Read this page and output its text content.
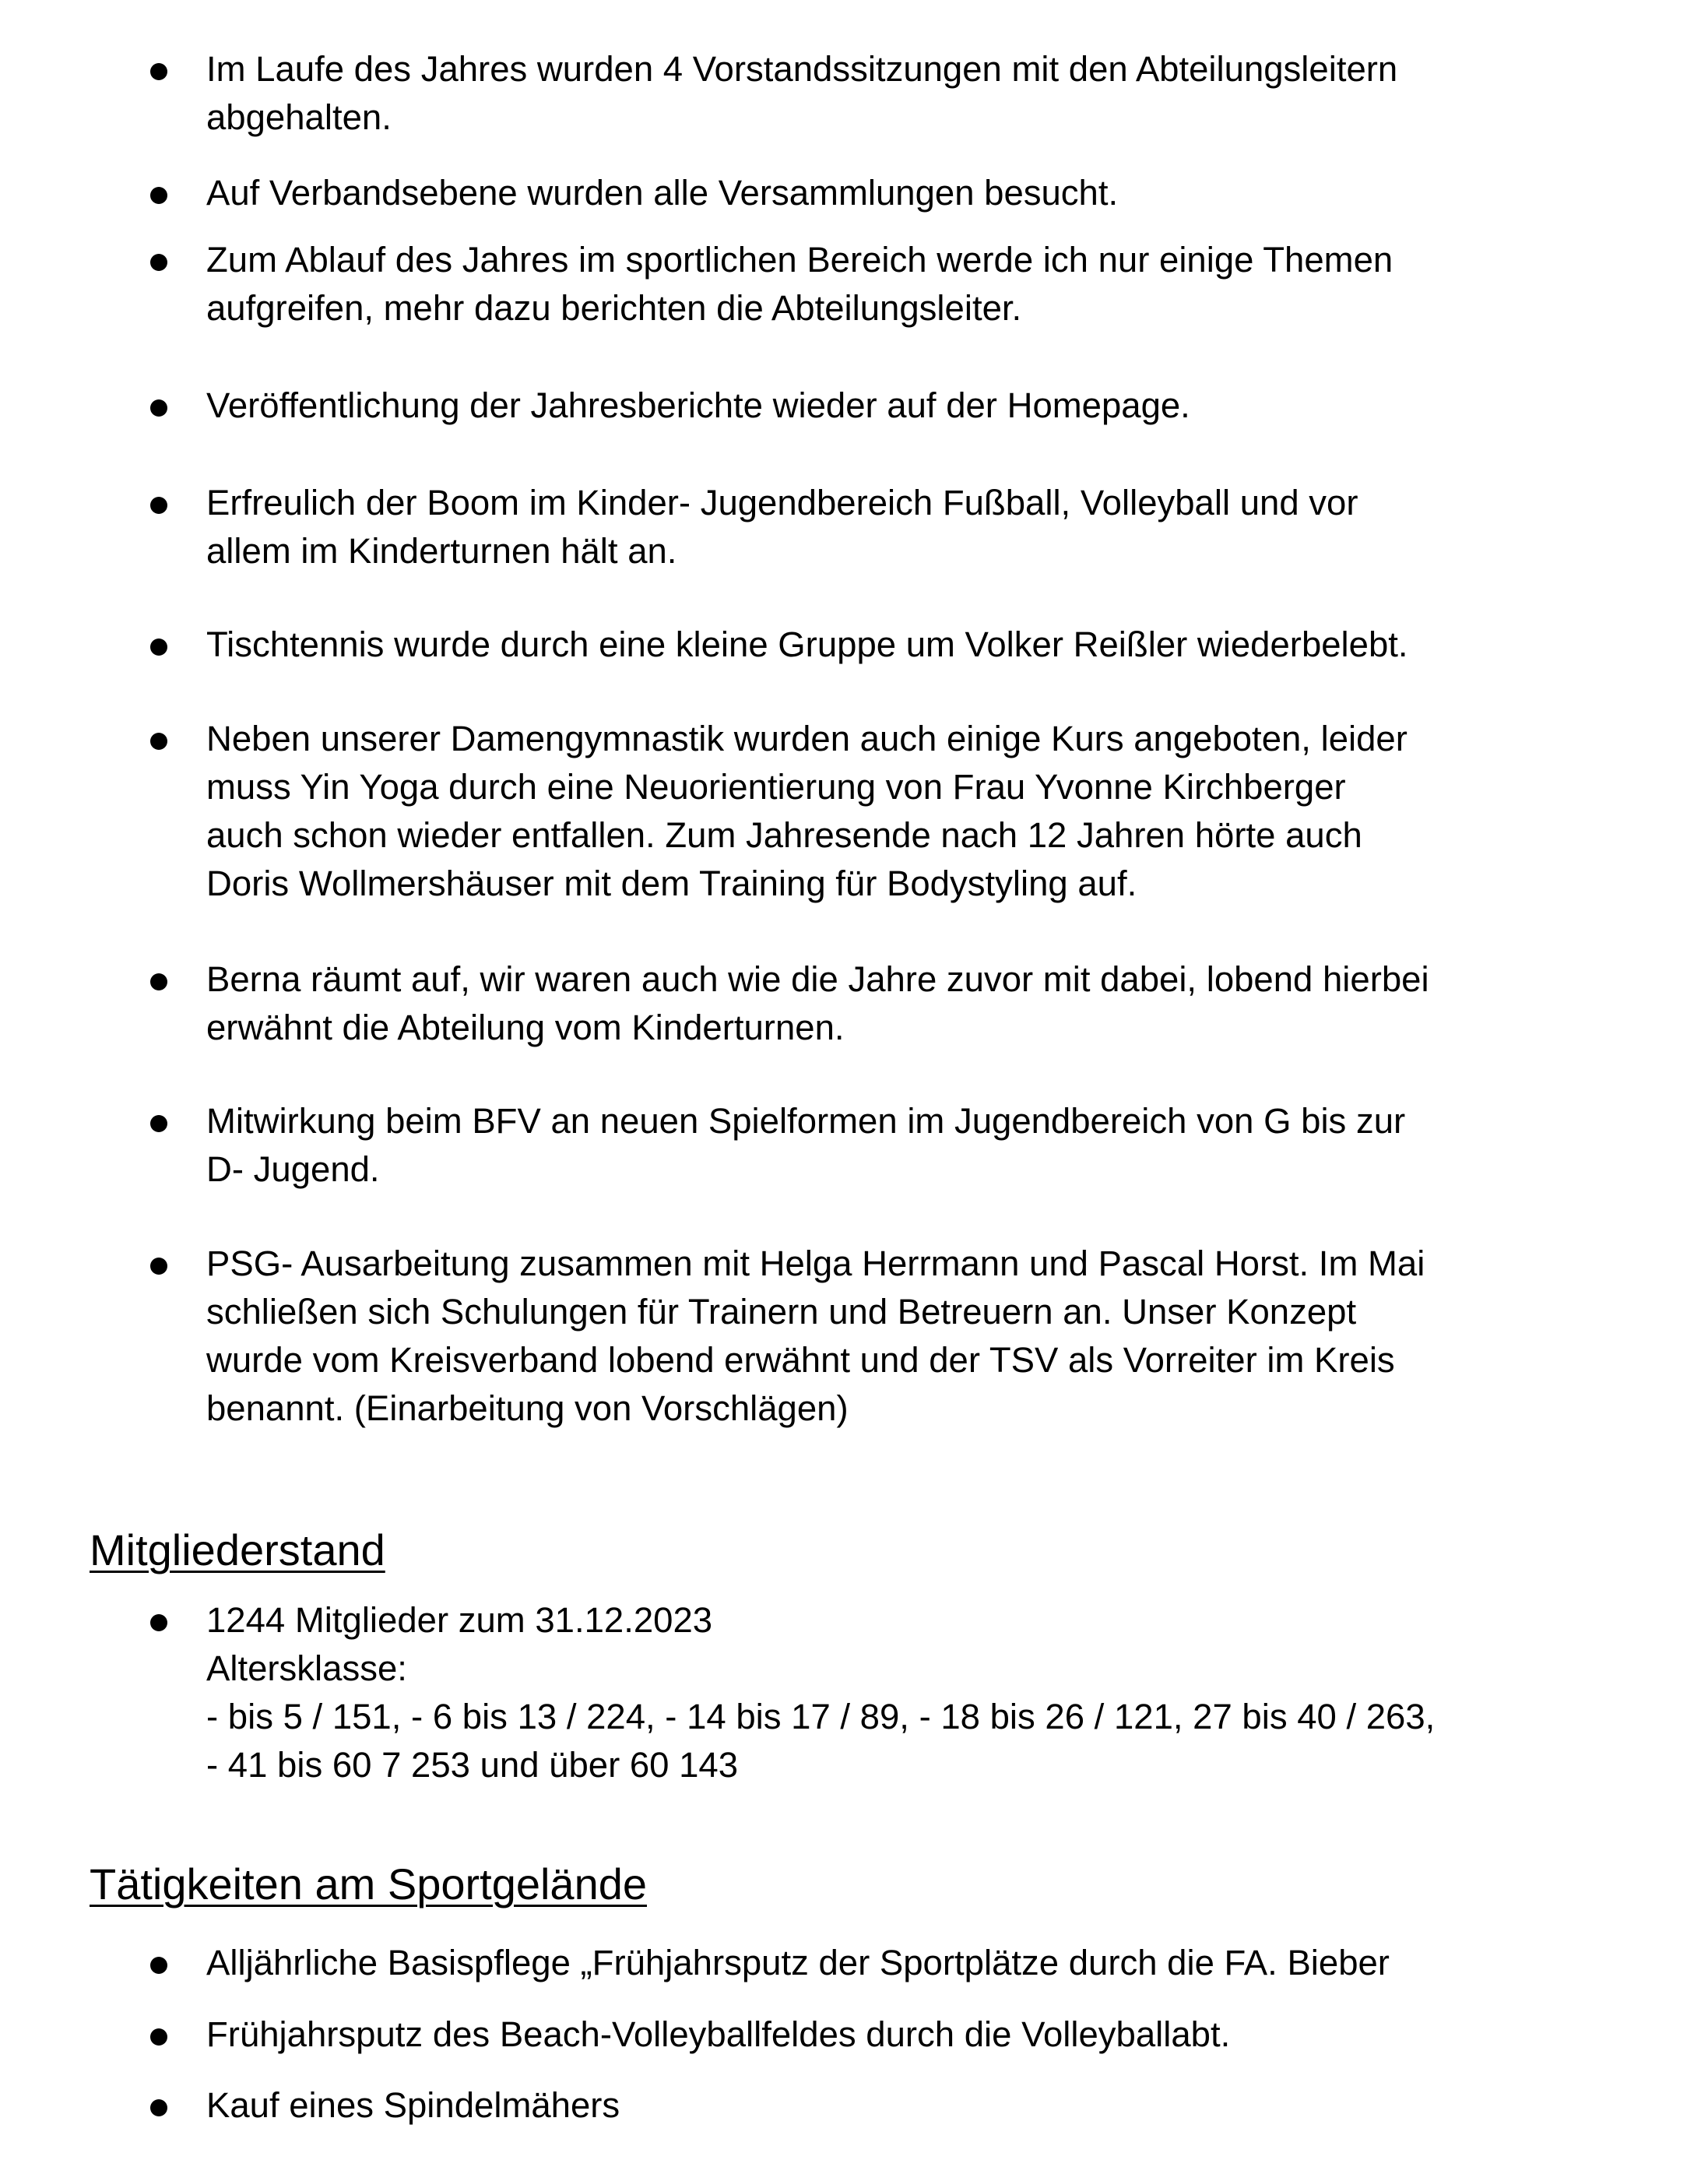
Im Laufe des Jahres wurden 4 Vorstandssitzungen mit den Abteilungsleitern
abgehalten.
Auf Verbandsebene wurden alle Versammlungen besucht.
Zum Ablauf des Jahres im sportlichen Bereich werde ich nur einige Themen
aufgreifen, mehr dazu berichten die Abteilungsleiter.
Veröffentlichung der Jahresberichte wieder auf der Homepage.
Erfreulich der Boom im Kinder- Jugendbereich Fußball, Volleyball und vor
allem im Kinderturnen hält an.
Tischtennis wurde durch eine kleine Gruppe um Volker Reißler wiederbelebt.
Neben unserer Damengymnastik wurden auch einige Kurs angeboten, leider
muss Yin Yoga durch eine Neuorientierung von Frau Yvonne Kirchberger
auch schon wieder entfallen. Zum Jahresende nach 12 Jahren hörte auch
Doris Wollmershäuser mit dem Training für Bodystyling auf.
Berna räumt auf, wir waren auch wie die Jahre zuvor mit dabei, lobend hierbei
erwähnt die Abteilung vom Kinderturnen.
Mitwirkung beim BFV an neuen Spielformen im Jugendbereich von G bis zur
D- Jugend.
PSG- Ausarbeitung zusammen mit Helga Herrmann und Pascal Horst. Im Mai
schließen sich Schulungen für Trainern und Betreuern an. Unser Konzept
wurde vom Kreisverband lobend erwähnt und der TSV als Vorreiter im Kreis
benannt. (Einarbeitung von Vorschlägen)
Mitgliederstand
1244 Mitglieder zum 31.12.2023
Altersklasse:
- bis 5 / 151, - 6 bis 13 / 224, - 14 bis 17 / 89, - 18 bis 26 / 121, 27 bis 40 / 263,
- 41 bis 60 7 253 und über 60 143
Tätigkeiten am Sportgelände
Alljährliche Basispflege „Frühjahrsputz der Sportplätze durch die FA. Bieber
Frühjahrsputz des Beach-Volleyballfeldes durch die Volleyballabt.
Kauf eines Spindelmähers
